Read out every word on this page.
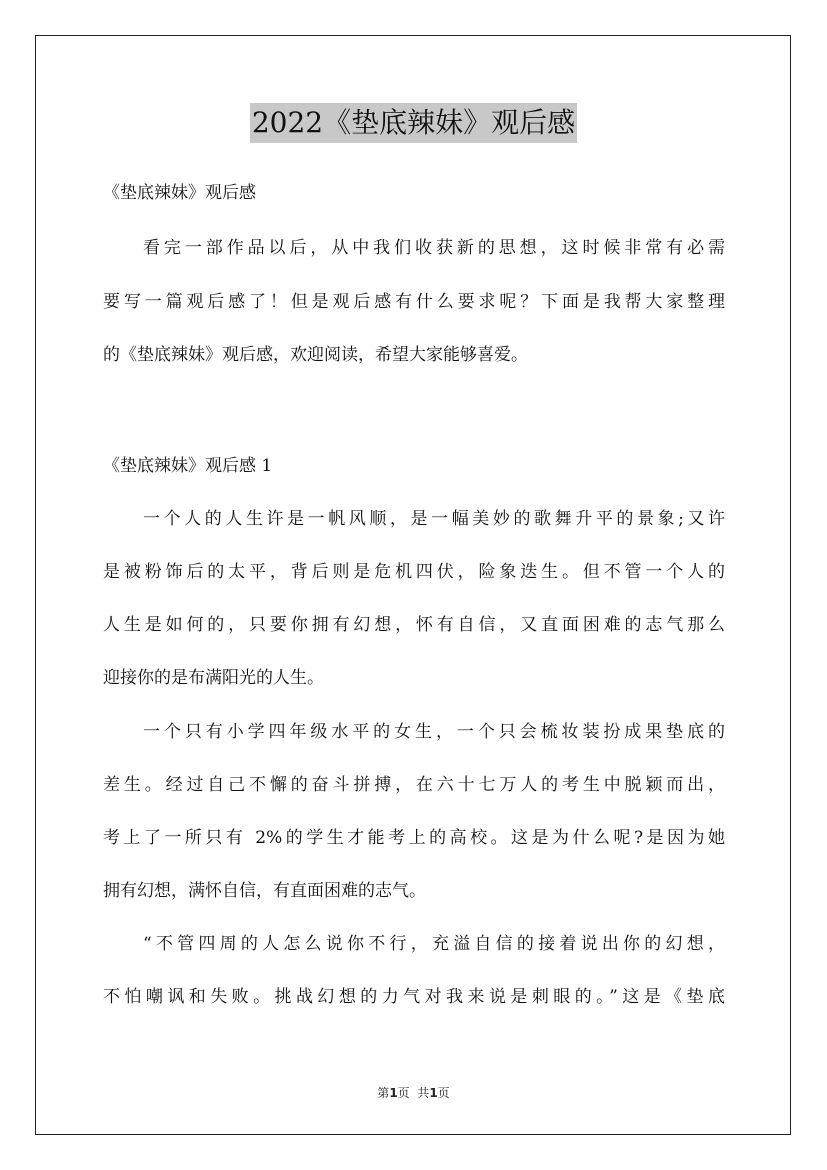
2022《垫底辣妹》观后感
《垫底辣妹》观后感
看完一部作品以后，从中我们收获新的思想，这时候非常有必需
要写一篇观后感了！但是观后感有什么要求呢？下面是我帮大家整理
的《垫底辣妹》观后感，欢迎阅读，希望大家能够喜爱。
《垫底辣妹》观后感 1
一个人的人生许是一帆风顺，是一幅美妙的歌舞升平的景象;又许
是被粉饰后的太平，背后则是危机四伏，险象迭生。但不管一个人的
人生是如何的，只要你拥有幻想，怀有自信，又直面困难的志气那么
迎接你的是布满阳光的人生。
一个只有小学四年级水平的女生，一个只会梳妆装扮成果垫底的
差生。经过自己不懈的奋斗拼搏，在六十七万人的考生中脱颖而出，
考上了一所只有 2%的学生才能考上的高校。这是为什么呢?是因为她
拥有幻想，满怀自信，有直面困难的志气。
“不管四周的人怎么说你不行，充溢自信的接着说出你的幻想，
不怕嘲讽和失败。挑战幻想的力气对我来说是刺眼的。”这是《垫底
第1页  共1页
